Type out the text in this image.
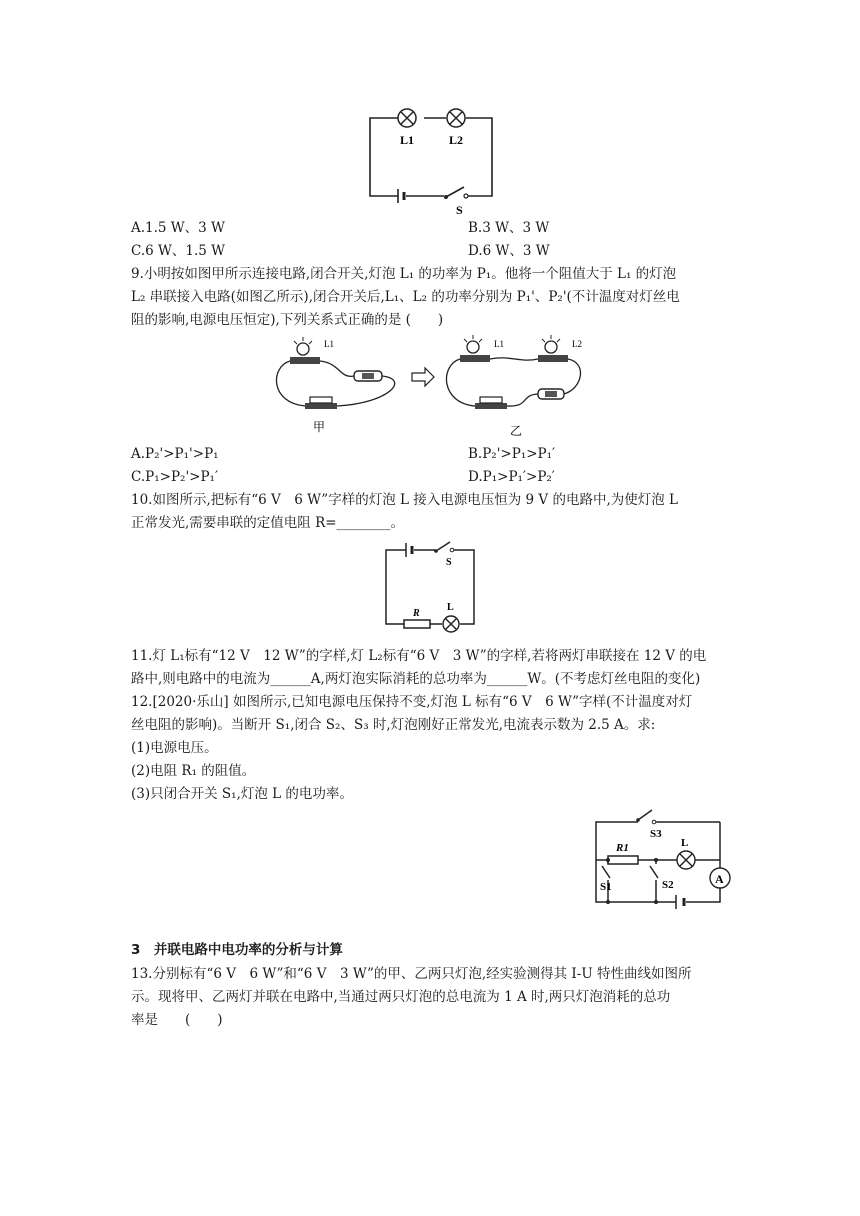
L1	L2
S
A.1.5 W、3 W	B.3 W、3 W
C.6 W、1.5 W	D.6 W、3 W
9.小明按如图甲所示连接电路,闭合开关,灯泡 L₁ 的功率为 P₁。他将一个阻值大于 L₁ 的灯泡
L₂ 串联接入电路(如图乙所示),闭合开关后,L₁、L₂ 的功率分别为 P₁'、P₂'(不计温度对灯丝电
阻的影响,电源电压恒定),下列关系式正确的是 (　　)
甲
L1
乙
L1	L2
A.P₂'>P₁'>P₁	B.P₂'>P₁>P₁′
C.P₁>P₂'>P₁′	D.P₁>P₁′>P₂′
10.如图所示,把标有“6 V　6 W”字样的灯泡 L 接入电源电压恒为 9 V 的电路中,为使灯泡 L
正常发光,需要串联的定值电阻 R=________。
S
R
L
11.灯 L₁标有“12 V　12 W”的字样,灯 L₂标有“6 V　3 W”的字样,若将两灯串联接在 12 V 的电
路中,则电路中的电流为______A,两灯泡实际消耗的总功率为______W。(不考虑灯丝电阻的变化)
12.[2020·乐山] 如图所示,已知电源电压保持不变,灯泡 L 标有“6 V　6 W”字样(不计温度对灯
丝电阻的影响)。当断开 S₁,闭合 S₂、S₃ 时,灯泡刚好正常发光,电流表示数为 2.5 A。求:
(1)电源电压。
(2)电阻 R₁ 的阻值。
(3)只闭合开关 S₁,灯泡 L 的电功率。
A
S3
R1	L
S1	S2
3　并联电路中电功率的分析与计算
13.分别标有“6 V　6 W”和“6 V　3 W”的甲、乙两只灯泡,经实验测得其 I-U 特性曲线如图所
示。现将甲、乙两灯并联在电路中,当通过两只灯泡的总电流为 1 A 时,两只灯泡消耗的总功
率是　　(　　)
